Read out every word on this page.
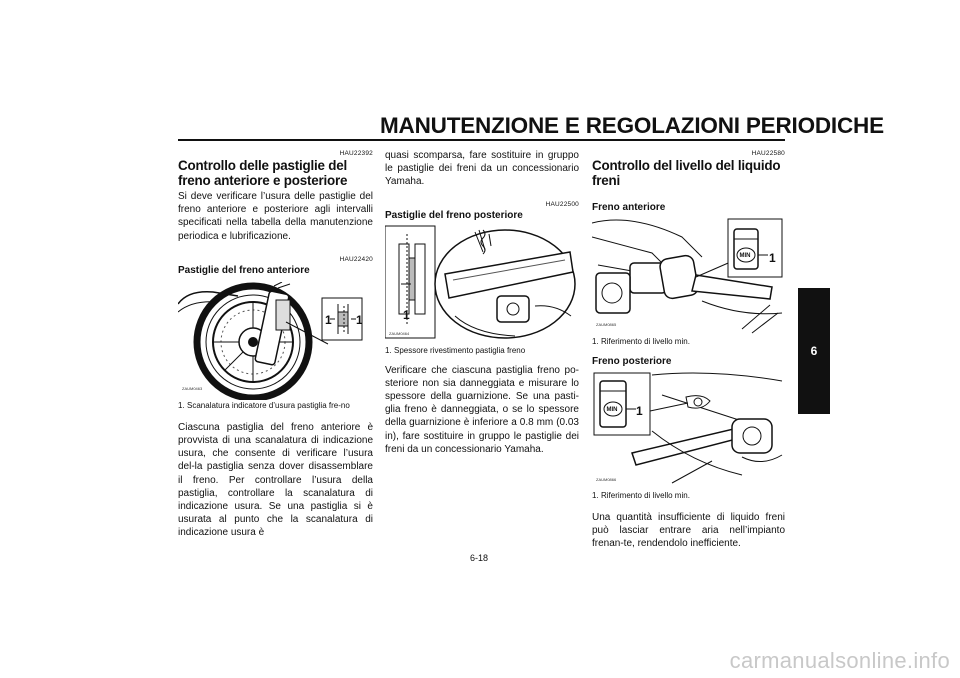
MANUTENZIONE E REGOLAZIONI PERIODICHE
6
HAU22392
Controllo delle pastiglie del freno anteriore e posteriore
Si deve verificare l’usura delle pastiglie del freno anteriore e posteriore agli intervalli specificati nella tabella della manutenzione periodica e lubrificazione.
HAU22420
Pastiglie del freno anteriore
ZAUM0463
1 1
1. Scanalatura indicatore d’usura pastiglia fre-no
Ciascuna pastiglia del freno anteriore è provvista di una scanalatura di indicazione usura, che consente di verificare l’usura del-la pastiglia senza dover disassemblare il freno. Per controllare l’usura della pastiglia, controllare la scanalatura di indicazione usura. Se una pastiglia si è usurata al punto che la scanalatura di indicazione usura è
quasi scomparsa, fare sostituire in gruppo le pastiglie dei freni da un concessionario Yamaha.
HAU22500
Pastiglie del freno posteriore
ZAUM0464
1
1. Spessore rivestimento pastiglia freno
Verificare che ciascuna pastiglia freno po-steriore non sia danneggiata e misurare lo spessore della guarnizione. Se una pasti-glia freno è danneggiata, o se lo spessore della guarnizione è inferiore a 0.8 mm (0.03 in), fare sostituire in gruppo le pastiglie dei freni da un concessionario Yamaha.
HAU22580
Controllo del livello del liquido freni
Freno anteriore
MIN
ZAUM0865
1
1. Riferimento di livello min.
Freno posteriore
MIN
ZAUM0866
1
1. Riferimento di livello min.
Una quantità insufficiente di liquido freni può lasciar entrare aria nell’impianto frenan-te, rendendolo inefficiente.
6-18
carmanualsonline.info
